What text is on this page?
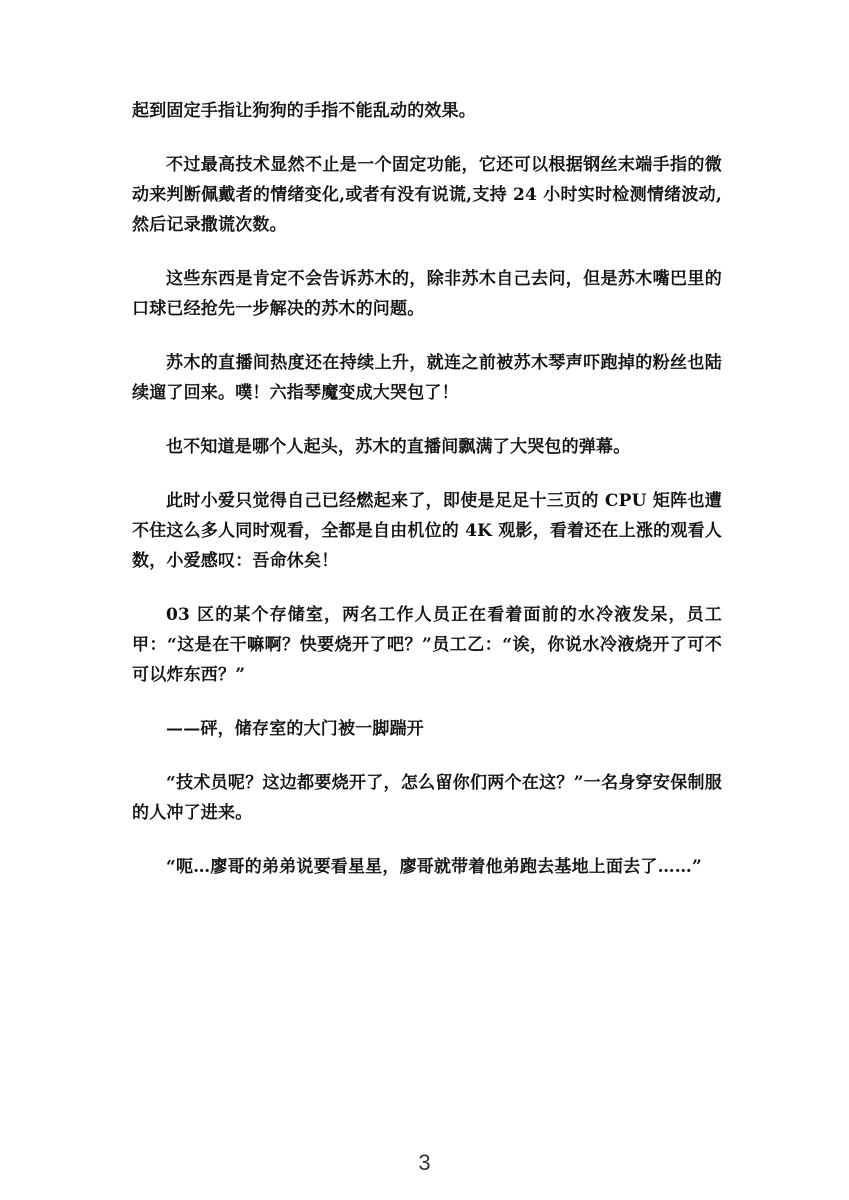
起到固定手指让狗狗的手指不能乱动的效果。

不过最高技术显然不止是一个固定功能，它还可以根据钢丝末端手指的微动来判断佩戴者的情绪变化,或者有没有说谎,支持 24 小时实时检测情绪波动,然后记录撒谎次数。

这些东西是肯定不会告诉苏木的，除非苏木自己去问，但是苏木嘴巴里的口球已经抢先一步解决的苏木的问题。

苏木的直播间热度还在持续上升，就连之前被苏木琴声吓跑掉的粉丝也陆续遛了回来。噗！六指琴魔变成大哭包了！

也不知道是哪个人起头，苏木的直播间飘满了大哭包的弹幕。

此时小爱只觉得自己已经燃起来了，即使是足足十三页的 CPU 矩阵也遭不住这么多人同时观看，全都是自由机位的 4K 观影，看着还在上涨的观看人数，小爱感叹：吾命休矣！

03 区的某个存储室，两名工作人员正在看着面前的水冷液发呆，员工甲：“这是在干嘛啊？快要烧开了吧？”员工乙：“诶，你说水冷液烧开了可不可以炸东西？”

——砰，储存室的大门被一脚踹开

“技术员呢？这边都要烧开了，怎么留你们两个在这？”一名身穿安保制服的人冲了进来。

“呃…廖哥的弟弟说要看星星，廖哥就带着他弟跑去基地上面去了……”

3
